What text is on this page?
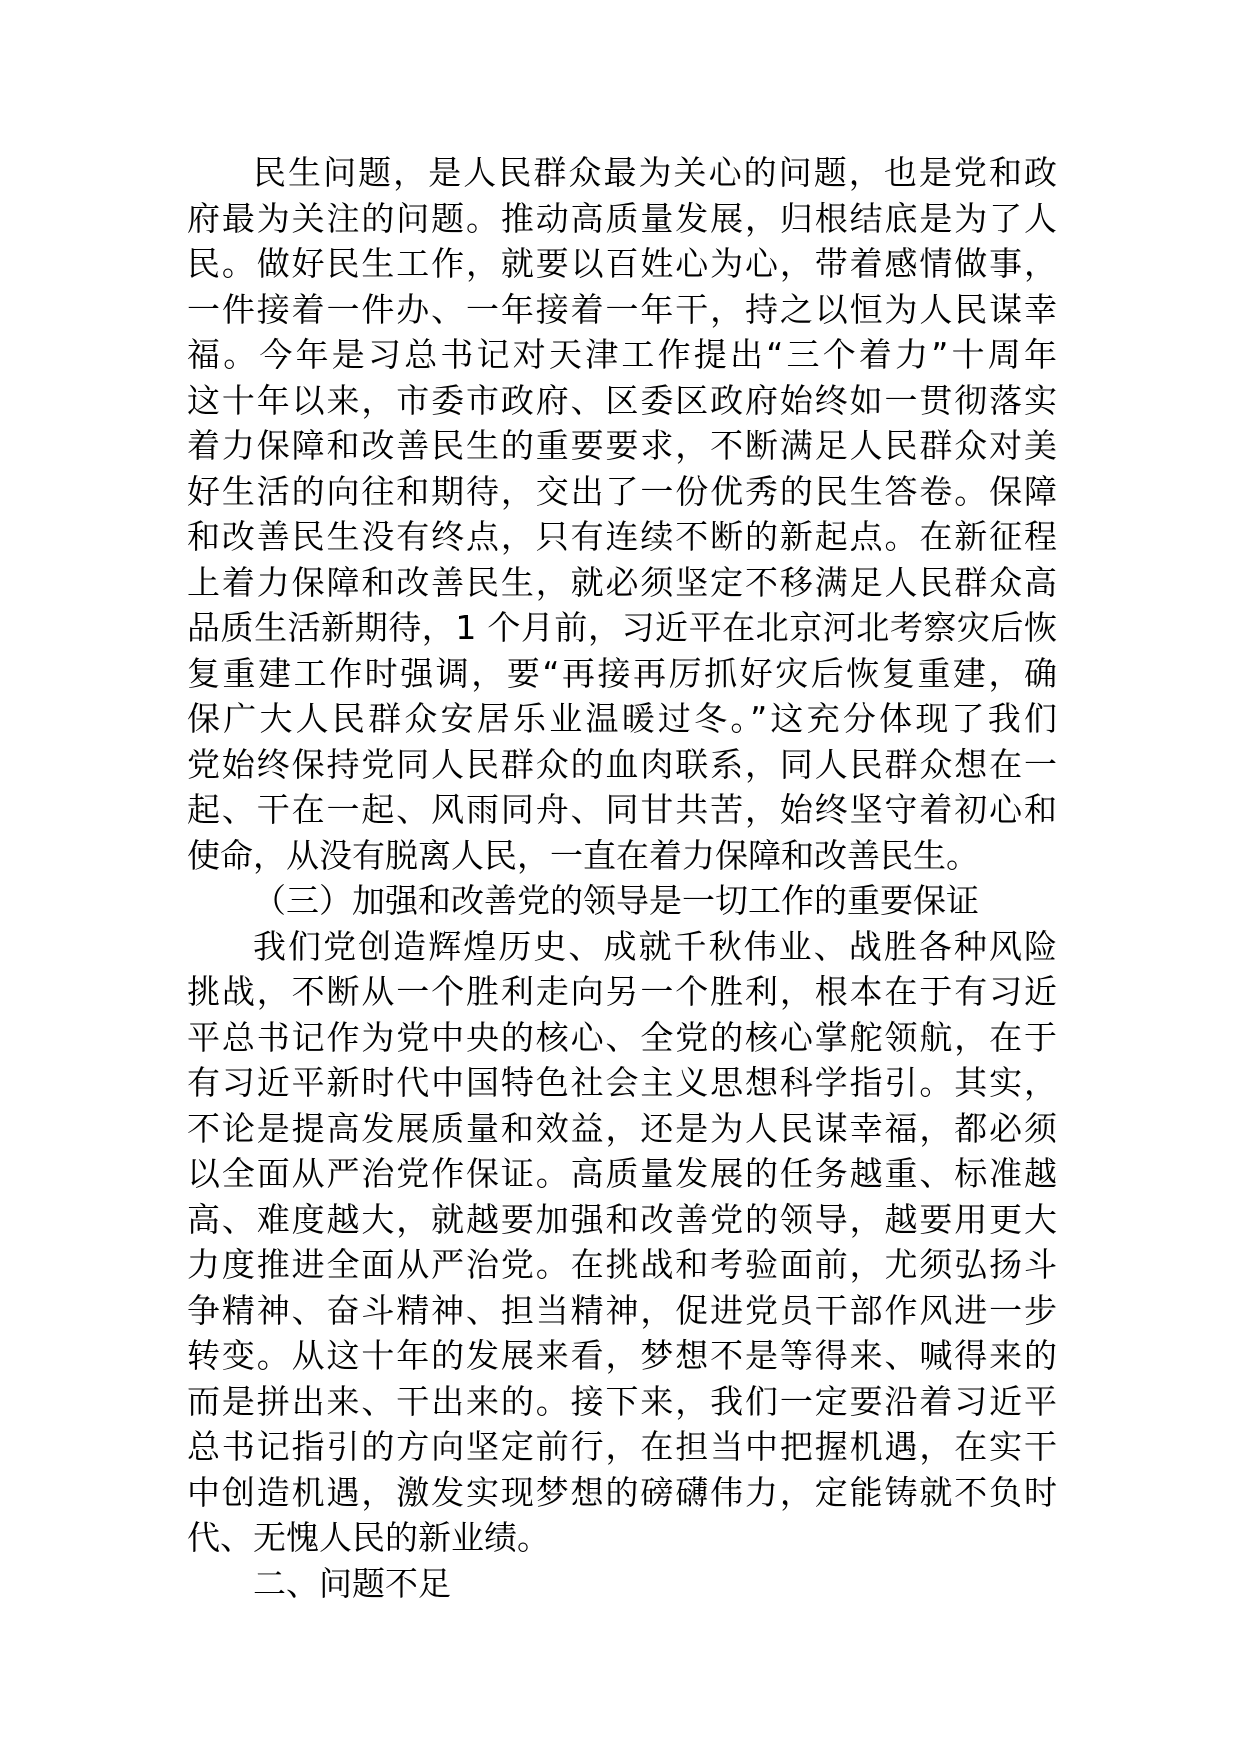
民生问题，是人民群众最为关心的问题，也是党和政
府最为关注的问题。推动高质量发展，归根结底是为了人
民。做好民生工作，就要以百姓心为心，带着感情做事，
一件接着一件办、一年接着一年干，持之以恒为人民谋幸
福。今年是习总书记对天津工作提出“三个着力”十周年
这十年以来，市委市政府、区委区政府始终如一贯彻落实
着力保障和改善民生的重要要求，不断满足人民群众对美
好生活的向往和期待，交出了一份优秀的民生答卷。保障
和改善民生没有终点，只有连续不断的新起点。在新征程
上着力保障和改善民生，就必须坚定不移满足人民群众高
品质生活新期待，1 个月前，习近平在北京河北考察灾后恢
复重建工作时强调，要“再接再厉抓好灾后恢复重建，确
保广大人民群众安居乐业温暖过冬。”这充分体现了我们
党始终保持党同人民群众的血肉联系，同人民群众想在一
起、干在一起、风雨同舟、同甘共苦，始终坚守着初心和
使命，从没有脱离人民，一直在着力保障和改善民生。
（三）加强和改善党的领导是一切工作的重要保证
我们党创造辉煌历史、成就千秋伟业、战胜各种风险
挑战，不断从一个胜利走向另一个胜利，根本在于有习近
平总书记作为党中央的核心、全党的核心掌舵领航，在于
有习近平新时代中国特色社会主义思想科学指引。其实，
不论是提高发展质量和效益，还是为人民谋幸福，都必须
以全面从严治党作保证。高质量发展的任务越重、标准越
高、难度越大，就越要加强和改善党的领导，越要用更大
力度推进全面从严治党。在挑战和考验面前，尤须弘扬斗
争精神、奋斗精神、担当精神，促进党员干部作风进一步
转变。从这十年的发展来看，梦想不是等得来、喊得来的
而是拼出来、干出来的。接下来，我们一定要沿着习近平
总书记指引的方向坚定前行，在担当中把握机遇，在实干
中创造机遇，激发实现梦想的磅礴伟力，定能铸就不负时
代、无愧人民的新业绩。
二、问题不足
